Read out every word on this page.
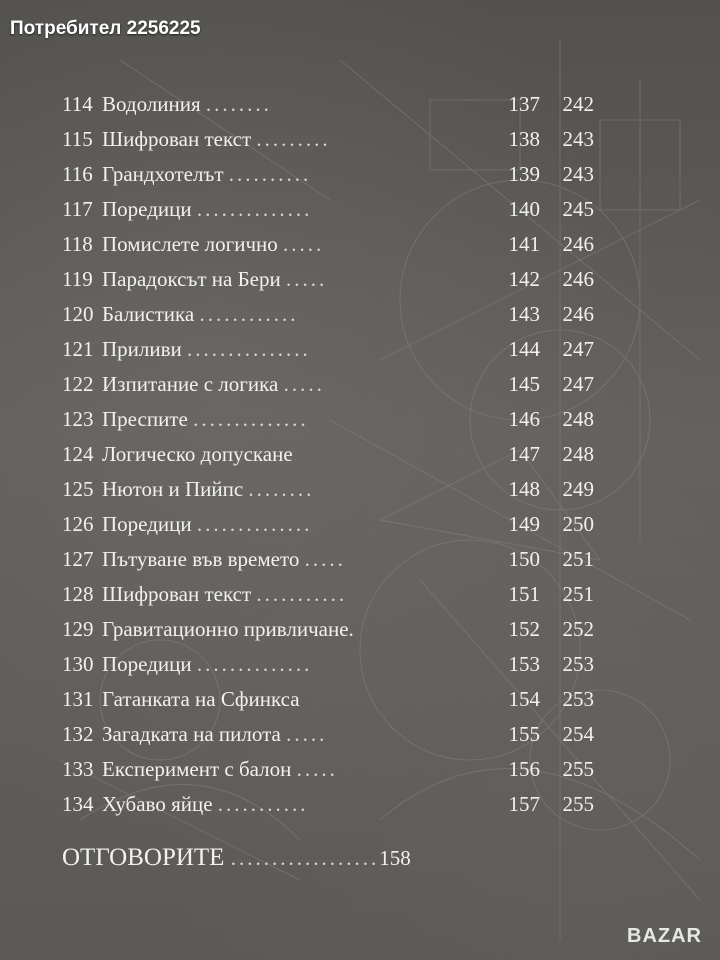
Потребител 2256225
114 Водолиния ........	137	242
115 Шифрован текст .........	138	243
116 Грандхотелът ..........	139	243
117 Поредици ..............	140	245
118 Помислете логично .....	141	246
119 Парадоксът на Бери .....	142	246
120 Балистика ............	143	246
121 Приливи ...............	144	247
122 Изпитание с логика .....	145	247
123 Преспите ..............	146	248
124 Логическо допускане	147	248
125 Нютон и Пийпс ........	148	249
126 Поредици ..............	149	250
127 Пътуване във времето .....	150	251
128 Шифрован текст ...........	151	251
129 Гравитационно привличане.	152	252
130 Поредици ..............	153	253
131 Гатанката на Сфинкса	154	253
132 Загадката на пилота .....	155	254
133 Експеримент с балон .....	156	255
134 Хубаво яйце ...........	157	255
ОТГОВОРИТЕ ..................158
BAZAR
